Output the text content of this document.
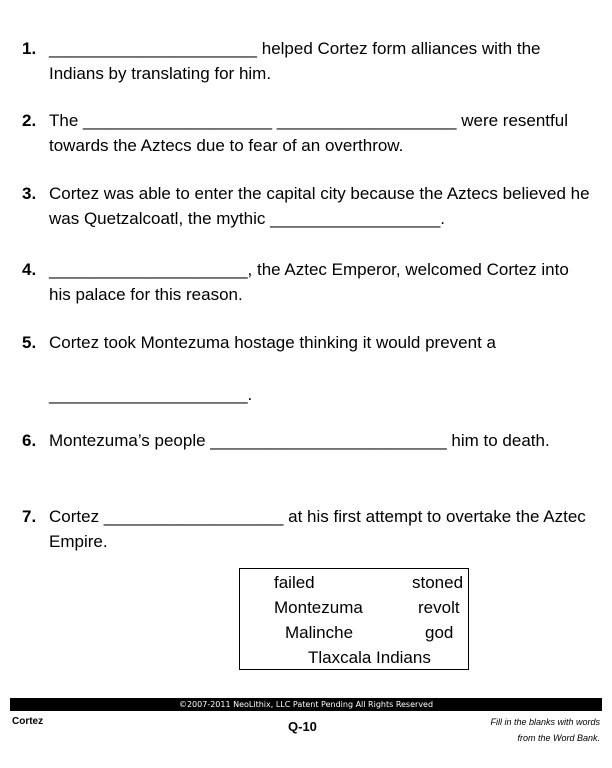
1. ______________________ helped Cortez form alliances with the Indians by translating for him.
2. The ____________________ ___________________ were resentful towards the Aztecs due to fear of an overthrow.
3. Cortez was able to enter the capital city because the Aztecs believed he was Quetzalcoatl, the mythic __________________.
4. _____________________, the Aztec Emperor, welcomed Cortez into his palace for this reason.
5. Cortez took Montezuma hostage thinking it would prevent a
_____________________.
6. Montezuma’s people _________________________ him to death.
7. Cortez ___________________ at his first attempt to overtake the Aztec Empire.
failed	stoned
Montezuma	revolt
Malinche	god
Tlaxcala Indians
©2007-2011 NeoLithix, LLC Patent Pending All Rights Reserved
Cortez	Q-10	Fill in the blanks with words
from the Word Bank.
